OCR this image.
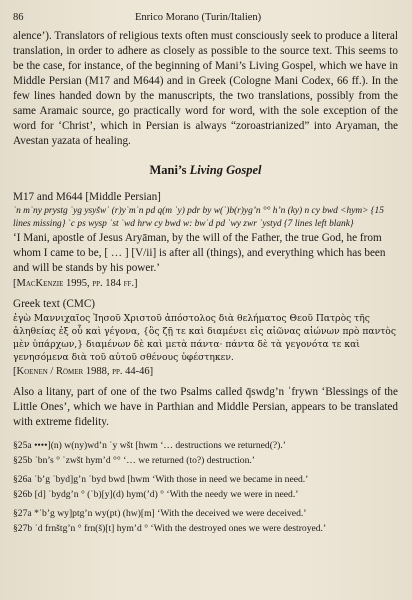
86	Enrico Morano (Turin/Italien)

alence’). Translators of religious texts often must consciously seek to produce a literal translation, in order to adhere as closely as possible to the source text. This seems to be the case, for instance, of the beginning of Mani’s Living Gospel, which we have in Middle Persian (M17 and M644) and in Greek (Cologne Mani Codex, 66 ff.). In the few lines handed down by the manuscripts, the two translations, possibly from the same Aramaic source, go practically word for word, with the sole exception of the word for ‘Christ’, which in Persian is always “zoroastrianized” into Aryaman, the Avestan yazata of healing.

Mani’s Living Gospel

M17 and M644 [Middle Persian]

ʾn mʾny prystg ʿyg ysyšwʿ (r)yʾmʾn pd q(m ʿy) pdr by w(ʾ)b(r)yg’n °° h’n (ky) n cy bwd <hym> {15 lines missing} ʿc ps wysp ʿst ʿwd hrw cy bwd w: bwʾd pd ʿwy zwr ʿystyd {7 lines left blank}

‘I Mani, apostle of Jesus Aryāman, by the will of the Father, the true God, he from whom I came to be, [ … ] [V/ii] is after all (things), and everything which has been and will be stands by his power.’

[MacKenzie 1995, pp. 184 ff.]

Greek text (CMC)

ἐγὼ Μαννιχαῖος Ἰησοῦ Χριστοῦ ἀπόστολος διὰ θελήματος Θεοῦ Πατρὸς τῆς ἀληθείας ἐξ οὗ καὶ γέγονα, {ὃς ζῇ τε καὶ διαμένει εἰς αἰῶνας αἰώνων πρὸ παντὸς μὲν ὑπάρχων,} διαμένων δὲ καὶ μετὰ πάντα· πάντα δὲ τὰ γεγονότα τε καὶ γενησόμενα διὰ τοῦ αὐτοῦ σθένους ὑφέστηκεν.

[Koenen / Römer 1988, pp. 44-46]

Also a litany, part of one of the two Psalms called q̄swdg’n ʿfrywn ‘Blessings of the Little Ones’, which we have in Parthian and Middle Persian, appears to be translated with extreme fidelity.

§25a ••••](n) w(ny)wd’n ʿy wšt [hwm ‘… destructions we returned(?).’
§25b ʿbn’s ° ʿzwšt hym’d °° ‘… we returned (to?) destruction.’
§26a ʿb’g ʿbyd]g’n ʿbyd bwd [hwm ‘With those in need we became in need.’
§26b [d] ʿbydg’n ° (ʿb)[y](d) hym(’d) ° ‘With the needy we were in need.’
§27a *ʿb’g wy]ptg’n wy(pt) (hw)[m] ‘With the deceived we were deceived.’
§27b ʿd frnštg’n ° frn(š)[t] hym’d ° ‘With the destroyed ones we were destroyed.’
